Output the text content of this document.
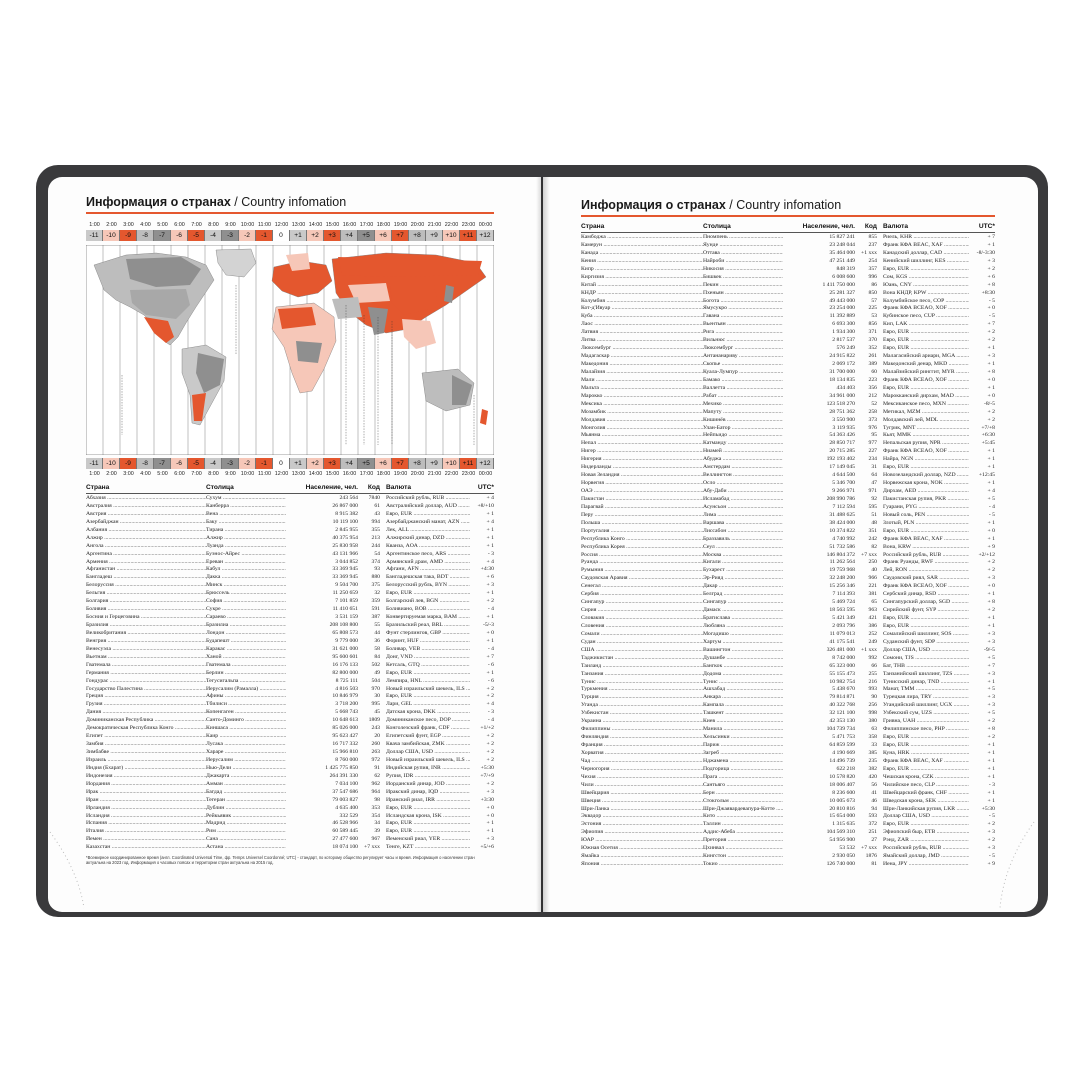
Информация о странах / Country infomation
1:00	2:00	3:00	4:00	5:00	6:00	7:00	8:00	9:00 10:00 11:00 12:00 13:00 14:00 15:00 16:00 17:00 18:00 19:00 20:00 21:00 22:00 23:00 00:00
-11	-10	-9	-8	-7	-6	-5	-4	-3	-2	-1	0	+1	+2	+3	+4	+5	+6	+7	+8	+9	+10 +11 +12
-11	-10	-9	-8	-7	-6	-5	-4	-3	-2	-1	0	+1	+2	+3	+4	+5	+6	+7	+8	+9	+10 +11 +12
1:00	2:00	3:00	4:00	5:00	6:00	7:00	8:00	9:00 10:00 11:00 12:00 13:00 14:00 15:00 16:00 17:00 18:00 19:00 20:00 21:00 22:00 23:00 00:00
Страна	Столица	Население, чел.	Код Валюта	UTC*
Абхазия .....	Сухум .....	243 564	7840	Российский рубль, RUB .....	+ 4
Австралия .....	Канберра .....	26 867 000	61	Австралийский доллар, AUD .....	+8/+10
Австрия .....	Вена .....	8 915 382	43	Евро, EUR .....	+ 1
Азербайджан .....	Баку .....	10 119 100	994	Азербайджанский манат, AZN .....	+ 4
Албания .....	Тирана .....	2 845 955	355	Лек, ALL .....	+ 1
Алжир .....	Алжир .....	40 375 954	213	Алжирский динар, DZD .....	+ 1
Ангола .....	Луанда .....	25 830 958	244	Кванза, AOA .....	+ 1
Аргентина .....	Буэнос-Айрес .....	43 131 966	54	Аргентинское песо, ARS .....	- 3
Армения .....	Ереван .....	3 044 852	374	Армянский драм, AMD .....	+ 4
Афганистан .....	Кабул .....	33 369 945	93	Афгани, AFN .....	+4:30
Бангладеш .....	Дакка .....	33 369 945	880	Бангладешская така, BDT .....	+ 6
Белоруссия .....	Минск .....	9 504 700	375	Белорусский рубль, BYN .....	+ 3
Бельгия .....	Брюссель .....	11 250 659	32	Евро, EUR .....	+ 1
Болгария .....	София .....	7 101 859	359	Болгарский лев, BGN .....	+ 2
Боливия .....	Сукре .....	11 410 651	591	Боливиано, BOB .....	- 4
Босния и Герцеговина .....	Сараево .....	3 531 159	387	Конвертируемая марка, BAM .....	+ 1
Бразилия .....	Бразилиа .....	208 108 800	55	Бразильский реал, BRL .....	-5/-3
Великобритания .....	Лондон .....	65 808 573	44	Фунт стерлингов, GBP .....	+ 0
Венгрия .....	Будапешт .....	9 779 000	36	Форинт, HUF .....	+ 1
Венесуэла .....	Каракас .....	31 621 000	58	Боливар, VEB .....	- 4
Вьетнам .....	Ханой .....	95 600 601	84	Донг, VND .....	+ 7
Гватемала .....	Гватемала .....	16 176 133	502	Кетсаль, GTQ .....	- 6
Германия .....	Берлин .....	82 800 000	49	Евро, EUR .....	+ 1
Гондурас .....	Тегусигальпа .....	8 725 111	504	Лемпира, HNL .....	- 6
Государство Палестина .....	Иерусалим (Рамалла) .....	4 816 503	970	Новый израильский шекель, ILS .....	+ 2
Греция .....	Афины .....	10 846 979	30	Евро, EUR .....	+ 2
Грузия .....	Тбилиси .....	3 718 200	995	Лари, GEL .....	+ 4
Дания .....	Копенгаген .....	5 668 743	45	Датская крона, DKK .....	- 3
Доминиканская Республика .....	Санто-Доминго .....	10 648 613	1809	Доминиканское песо, DOP .....	- 4
Демократическая Республика Конго .....	Киншаса .....	85 026 000	243	Конголезский франк, CDF .....	+1/+2
Египет .....	Каир .....	95 623 427	20	Египетский фунт, EGP .....	+ 2
Замбия .....	Лусака .....	16 717 332	260	Квача замбийская, ZMK .....	+ 2
Зимбабве .....	Хараре .....	15 966 810	263	Доллар США, USD .....	+ 2
Израиль .....	Иерусалим .....	8 760 000	972	Новый израильский шекель, ILS .....	+ 2
Индия (Бхарат) .....	Нью-Дели .....	1 425 775 850	91	Индийская рупия, INR .....	+5:30
Индонезия .....	Джакарта .....	264 391 330	62	Рупия, IDR .....	+7/+9
Иордания .....	Амман .....	7 034 100	962	Иорданский динар, JOD .....	+ 2
Ирак .....	Багдад .....	37 547 686	964	Иракский динар, IQD .....	+ 3
Иран .....	Тегеран .....	79 003 827	98	Иранский риал, IRR .....	+3:30
Ирландия .....	Дублин .....	4 635 400	353	Евро, EUR .....	+ 0
Исландия .....	Рейкьявик .....	332 529	354	Исландская крона, ISK .....	+ 0
Испания .....	Мадрид .....	46 528 966	34	Евро, EUR .....	+ 1
Италия .....	Рим .....	60 589 445	39	Евро, EUR .....	+ 1
Йемен .....	Сана .....	27 477 600	967	Йеменский риал, YER .....	+ 3
Казахстан .....	Астана .....	18 074 100	+7 xxx	Тенге, KZT .....	+5/+6
*Всемирное координированное время (англ. Coordinated Universal Time, фр. Temps Universel Coordonné; UTC) - стандарт, по которому общество регулирует часы и время. Информация о населении стран актуальна на 2023 год. Информация о часовых поясах и территории стран актуальна на 2015 год.
Информация о странах / Country infomation
Страна	Столица	Население, чел.	Код Валюта	UTC*
Камбоджа .....	Пномпень .....	15 827 241	855	Риель, KHR .....	+ 7
Камерун .....	Яунде .....	23 248 044	237	Франк КФА BEAC, XAF .....	+ 1
Канада .....	Оттава .....	35 464 000	+1 xxx	Канадский доллар, CAD .....	-8/-3:30
Кения .....	Найроби .....	47 251 449	254	Кенийский шиллинг, KES .....	+ 3
Кипр .....	Никосия .....	848 319	357	Евро, EUR .....	+ 2
Киргизия .....	Бишкек .....	6 008 600	996	Сом, KGS .....	+ 6
Китай .....	Пекин .....	1 411 750 000	86	Юань, CNY .....	+ 8
КНДР .....	Пхеньян .....	25 281 327	850	Вона КНДР, KPW .....	+8:30
Колумбия .....	Богота .....	49 443 000	57	Колумбийское песо, COP .....	- 5
Кот-д'Ивуар .....	Ямусукро .....	23 254 000	225	Франк КФА BCEAO, XOF .....	+ 0
Куба .....	Гавана .....	11 392 889	53	Кубинское песо, CUP .....	- 5
Лаос .....	Вьентьян .....	6 693 300	856	Кип, LAK .....	+ 7
Латвия .....	Рига .....	1 934 300	371	Евро, EUR .....	+ 2
Литва .....	Вильнюс .....	2 817 537	370	Евро, EUR .....	+ 2
Люксембург .....	Люксембург .....	576 249	352	Евро, EUR .....	+ 1
Мадагаскар .....	Антананариву .....	24 915 822	261	Малагасийский ариари, MGA .....	+ 3
Македония .....	Скопье .....	2 069 172	389	Македонский денар, MKD .....	+ 1
Малайзия .....	Куала-Лумпур .....	31 700 000	60	Малайзийский ринггит, MYR .....	+ 8
Мали .....	Бамако .....	18 134 835	223	Франк КФА BCEAO, XOF .....	+ 0
Мальта .....	Валлетта .....	434 403	356	Евро, EUR .....	+ 1
Марокко .....	Рабат .....	34 961 000	212	Марокканский дирхам, MAD .....	+ 0
Мексика .....	Мехико .....	123 518 270	52	Мексиканское песо, MXN .....	-8/-5
Мозамбик .....	Мапуту .....	28 751 362	258	Метикал, MZM .....	+ 2
Молдавия .....	Кишинёв .....	3 550 900	373	Молдавский лей, MDL .....	+ 2
Монголия .....	Улан-Батор .....	3 119 935	976	Тугрик, MNT .....	+7/+8
Мьянма .....	Нейпьидо .....	54 363 426	95	Кьят, MMK .....	+6:30
Непал .....	Катманду .....	28 850 717	977	Непальская рупия, NPR .....	+5:45
Нигер .....	Ниамей .....	20 715 285	227	Франк КФА BCEAO, XOF .....	+ 1
Нигерия .....	Абуджа .....	192 193 402	234	Найра, NGN .....	+ 1
Нидерланды .....	Амстердам .....	17 149 045	31	Евро, EUR .....	+ 1
Новая Зеландия .....	Веллингтон .....	4 644 500	64	Новозеландский доллар, NZD .....	+12:45
Норвегия .....	Осло .....	5 346 700	47	Норвежская крона, NOK .....	+ 1
ОАЭ .....	Абу-Даби .....	9 266 971	971	Дирхам, AED .....	+ 4
Пакистан .....	Исламабад .....	208 990 786	92	Пакистанская рупия, PKR .....	+ 5
Парагвай .....	Асунсьон .....	7 112 594	595	Гуарани, PYG .....	- 4
Перу .....	Лима .....	31 488 625	51	Новый соль, PEN .....	- 5
Польша .....	Варшава .....	38 424 000	48	Злотый, PLN .....	+ 1
Португалия .....	Лиссабон .....	10 374 822	351	Евро, EUR .....	+ 0
Республика Конго .....	Браззавиль .....	4 740 992	242	Франк КФА BEAC, XAF .....	+ 1
Республика Корея .....	Сеул .....	51 732 586	82	Вона, KRW .....	+ 9
Россия .....	Москва .....	146 804 372	+7 xxx	Российский рубль, RUB .....	+2/+12
Руанда .....	Кигали .....	11 262 564	250	Франк Руанды, RWF .....	+ 2
Румыния .....	Бухарест .....	19 759 968	40	Лей, RON .....	+ 2
Саудовская Аравия .....	Эр-Рияд .....	32 248 200	966	Саудовский риял, SAR .....	+ 3
Сенегал .....	Дакар .....	15 256 346	221	Франк КФА BCEAO, XOF .....	+ 0
Сербия .....	Белград .....	7 114 393	381	Сербский динар, RSD .....	+ 1
Сингапур .....	Сингапур .....	5 469 724	65	Сингапурский доллар, SGD .....	+ 8
Сирия .....	Дамаск .....	18 563 595	963	Сирийский фунт, SYP .....	+ 2
Словакия .....	Братислава .....	5 421 349	421	Евро, EUR .....	+ 1
Словения .....	Любляна .....	2 093 796	386	Евро, EUR .....	+ 1
Сомали .....	Могадишо .....	11 079 013	252	Сомалийский шиллинг, SOS .....	+ 3
Судан .....	Хартум .....	41 175 541	249	Суданский фунт, SDP .....	+ 3
США .....	Вашингтон .....	326 481 000	+1 xxx	Доллар США, USD .....	-9/-5
Таджикистан .....	Душанбе .....	8 742 000	992	Сомони, TJS .....	+ 5
Таиланд .....	Бангкок .....	65 323 000	66	Бат, THB .....	+ 7
Танзания .....	Додома .....	55 155 473	255	Танзанийский шиллинг, TZS .....	+ 3
Тунис .....	Тунис .....	10 982 754	216	Тунисский динар, TND .....	+ 1
Туркмения .....	Ашхабад .....	5 438 670	993	Манат, TMM .....	+ 5
Турция .....	Анкара .....	79 814 871	90	Турецкая лира, TRY .....	+ 3
Уганда .....	Кампала .....	40 322 768	256	Угандийский шиллинг, UGX .....	+ 3
Узбекистан .....	Ташкент .....	32 121 100	998	Узбекский сум, UZS .....	+ 5
Украина .....	Киев .....	42 353 130	380	Гривна, UAH .....	+ 2
Филиппины .....	Манила .....	104 739 734	63	Филиппинское песо, PHP .....	+ 8
Финляндия .....	Хельсинки .....	5 471 753	358	Евро, EUR .....	+ 2
Франция .....	Париж .....	64 859 599	33	Евро, EUR .....	+ 1
Хорватия .....	Загреб .....	4 190 669	385	Куна, HRK .....	+ 1
Чад .....	Нджамена .....	14 496 739	235	Франк КФА BEAC, XAF .....	+ 1
Черногория .....	Подгорица .....	622 218	382	Евро, EUR .....	+ 1
Чехия .....	Прага .....	10 578 820	420	Чешская крона, CZK .....	+ 1
Чили .....	Сантьяго .....	18 006 407	56	Чилийское песо, CLP .....	- 3
Швейцария .....	Берн .....	8 236 600	41	Швейцарский франк, CHF .....	+ 1
Швеция .....	Стокгольм .....	10 005 673	46	Шведская крона, SEK .....	+ 1
Шри-Ланка .....	Шри-Джаявардевапура-Котте .....	20 810 816	94	Шри-Ланкийская рупия, LKR .....	+5:30
Эквадор .....	Кито .....	15 654 000	593	Доллар США, USD .....	- 5
Эстония .....	Таллин .....	1 315 635	372	Евро, EUR .....	+ 2
Эфиопия .....	Аддис-Абеба .....	104 569 310	251	Эфиопский быр, ETB .....	+ 3
ЮАР .....	Претория .....	54 956 900	27	Рэнд, ZAR .....	+ 2
Южная Осетия .....	Цхинвал .....	53 532	+7 xxx	Российский рубль, RUB .....	+ 3
Ямайка .....	Кингстон .....	2 930 050	1876	Ямайский доллар, JMD .....	- 5
Япония .....	Токио .....	126 740 000	81	Иена, JPY .....	+ 9
